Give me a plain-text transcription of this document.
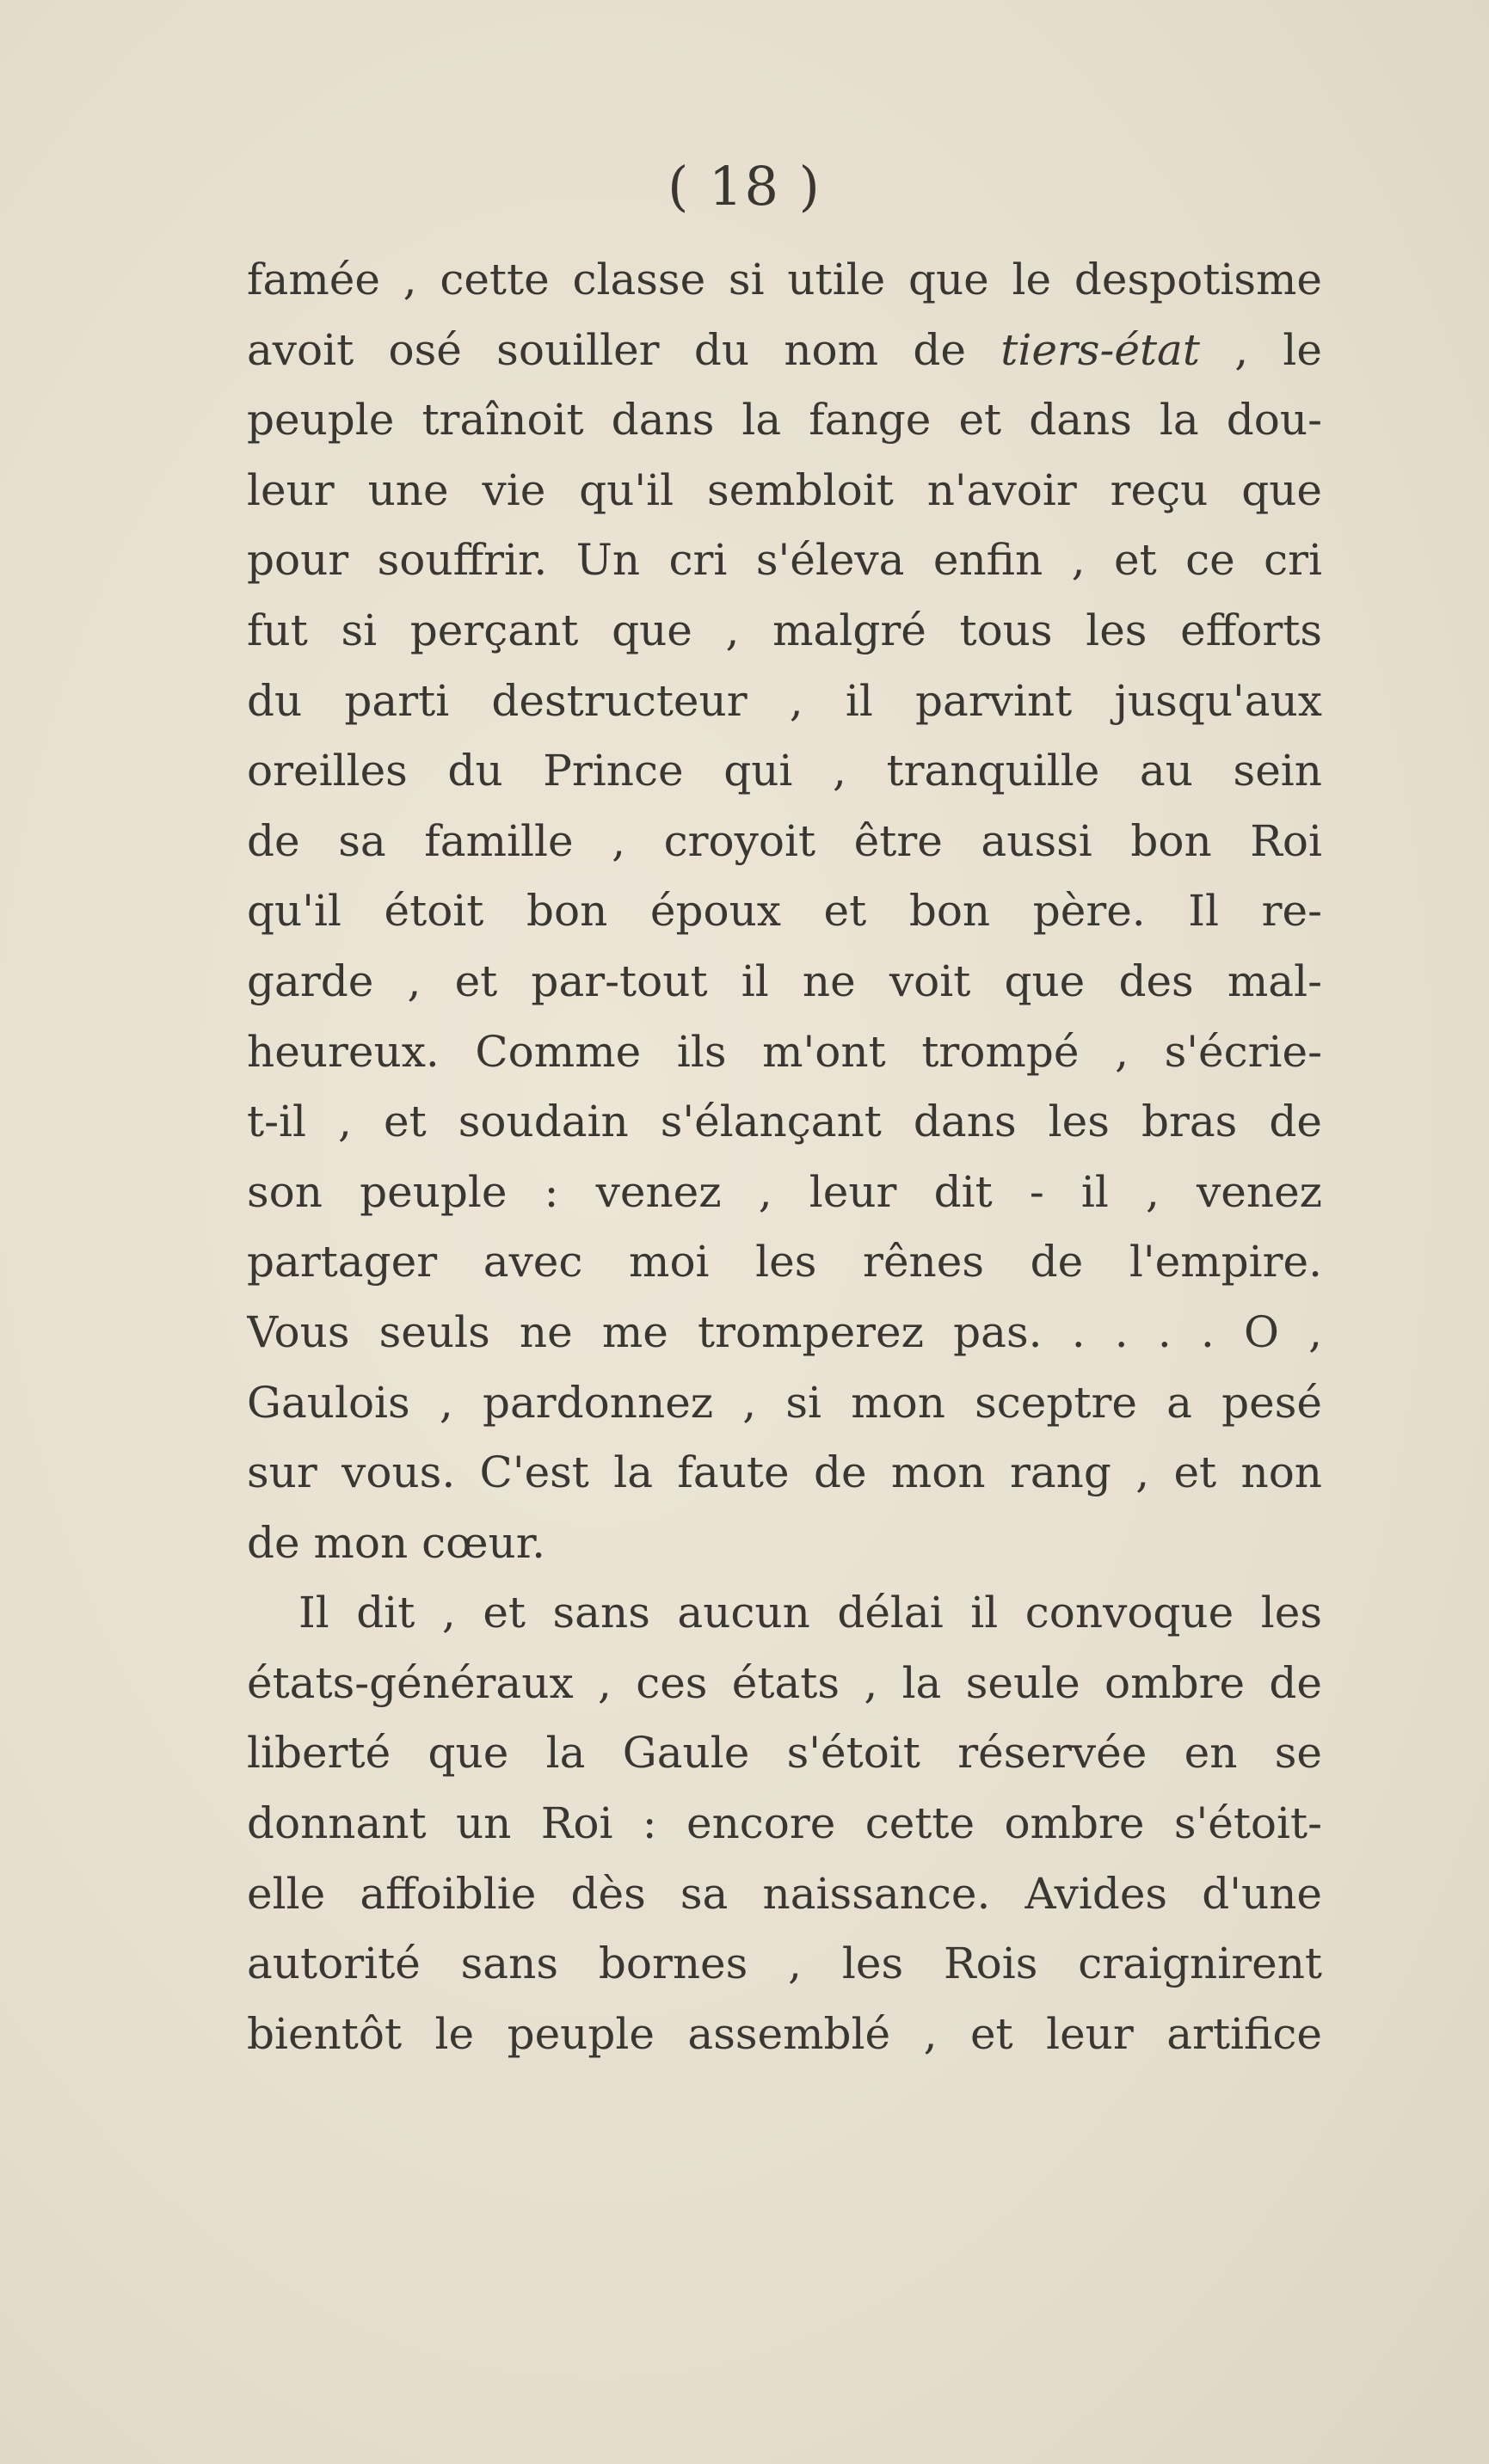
( 18 )
famée , cette classe si utile que le despotisme
avoit osé souiller du nom de tiers-état , le
peuple traînoit dans la fange et dans la dou-
leur une vie qu'il sembloit n'avoir reçu que
pour souffrir. Un cri s'éleva enfin , et ce cri
fut si perçant que , malgré tous les efforts
du parti destructeur , il parvint jusqu'aux
oreilles du Prince qui , tranquille au sein
de sa famille , croyoit être aussi bon Roi
qu'il étoit bon époux et bon père. Il re-
garde , et par-tout il ne voit que des mal-
heureux. Comme ils m'ont trompé , s'écrie-
t-il , et soudain s'élançant dans les bras de
son peuple : venez , leur dit - il , venez
partager avec moi les rênes de l'empire.
Vous seuls ne me tromperez pas. . . . . O ,
Gaulois , pardonnez , si mon sceptre a pesé
sur vous. C'est la faute de mon rang , et non
de mon cœur.
Il dit , et sans aucun délai il convoque les
états-généraux , ces états , la seule ombre de
liberté que la Gaule s'étoit réservée en se
donnant un Roi : encore cette ombre s'étoit-
elle affoiblie dès sa naissance. Avides d'une
autorité sans bornes , les Rois craignirent
bientôt le peuple assemblé , et leur artifice
